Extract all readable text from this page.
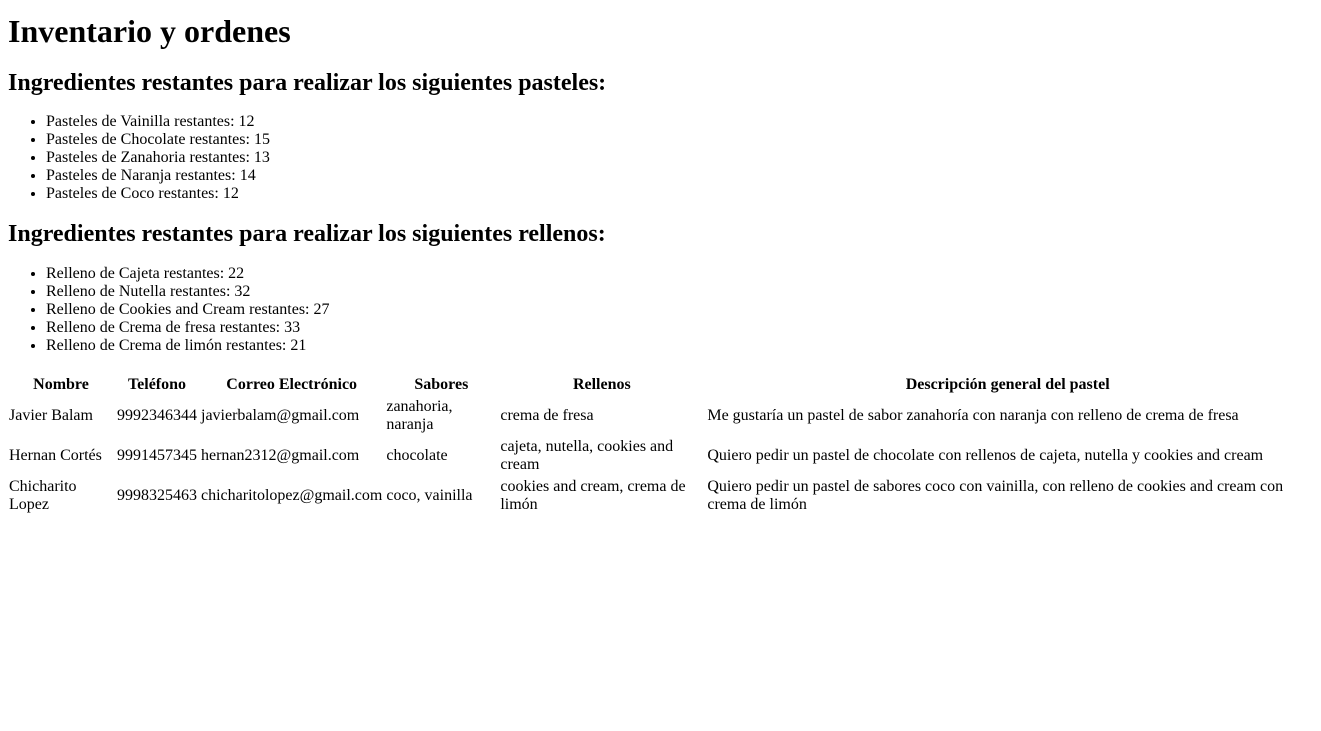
Inventario y ordenes
Ingredientes restantes para realizar los siguientes pasteles:
• Pasteles de Vainilla restantes: 12
• Pasteles de Chocolate restantes: 15
• Pasteles de Zanahoria restantes: 13
• Pasteles de Naranja restantes: 14
• Pasteles de Coco restantes: 12
Ingredientes restantes para realizar los siguientes rellenos:
• Relleno de Cajeta restantes: 22
• Relleno de Nutella restantes: 32
• Relleno de Cookies and Cream restantes: 27
• Relleno de Crema de fresa restantes: 33
• Relleno de Crema de limón restantes: 21
Nombre	Teléfono	Correo Electrónico	Sabores	Rellenos	Descripción general del pastel
Javier Balam	9992346344	javierbalam@gmail.com	zanahoria, naranja	crema de fresa	Me gustaría un pastel de sabor zanahoría con naranja con relleno de crema de fresa
Hernan Cortés	9991457345	hernan2312@gmail.com	chocolate	cajeta, nutella, cookies and cream	Quiero pedir un pastel de chocolate con rellenos de cajeta, nutella y cookies and cream
Chicharito Lopez	9998325463	chicharitolopez@gmail.com	coco, vainilla	cookies and cream, crema de limón	Quiero pedir un pastel de sabores coco con vainilla, con relleno de cookies and cream con crema de limón
